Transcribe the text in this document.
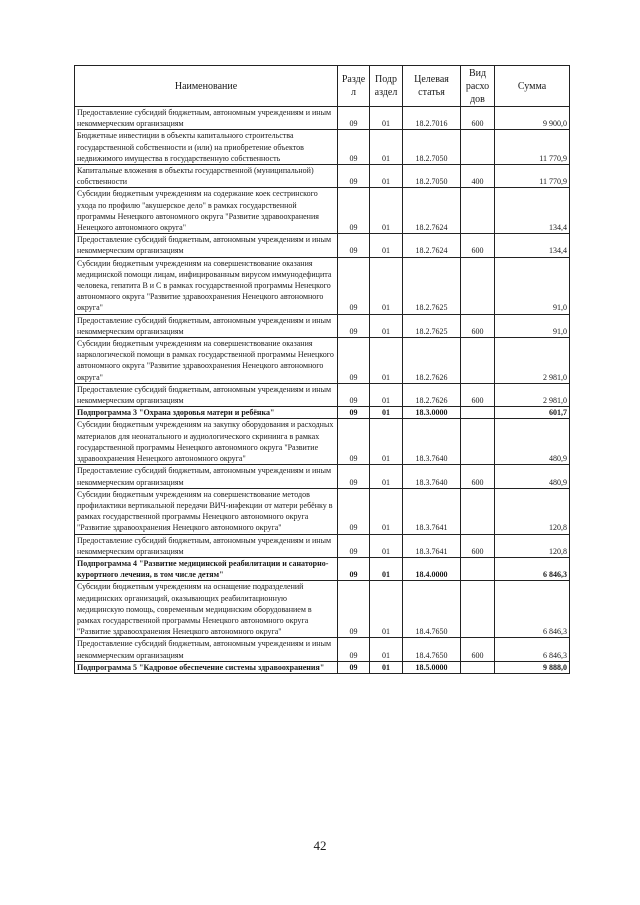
Наименование	Разде л	Подр аздел	Целевая статья	Вид расхо дов	Сумма
Предоставление субсидий бюджетным, автономным учреждениям и иным некоммерческим организациям	09	01	18.2.7016	600	9 900,0
Бюджетные инвестиции в объекты капитального строительства государственной собственности и (или) на приобретение объектов недвижимого имущества в государственную собственность	09	01	18.2.7050		11 770,9
Капитальные вложения в объекты государственной (муниципальной) собственности	09	01	18.2.7050	400	11 770,9
Субсидии бюджетным учреждениям на содержание коек сестринского ухода по профилю "акушерское дело" в рамках государственной программы Ненецкого автономного округа "Развитие здравоохранения Ненецкого автономного округа"	09	01	18.2.7624		134,4
Предоставление субсидий бюджетным, автономным учреждениям и иным некоммерческим организациям	09	01	18.2.7624	600	134,4
Субсидии бюджетным учреждениям на совершенствование оказания медицинской помощи лицам, инфицированным вирусом иммунодефицита человека, гепатита B и C в рамках государственной программы Ненецкого автономного округа "Развитие здравоохранения Ненецкого автономного округа"	09	01	18.2.7625		91,0
Предоставление субсидий бюджетным, автономным учреждениям и иным некоммерческим организациям	09	01	18.2.7625	600	91,0
Субсидии бюджетным учреждениям на совершенствование оказания наркологической помощи в рамках государственной программы Ненецкого автономного округа "Развитие здравоохранения Ненецкого автономного округа"	09	01	18.2.7626		2 981,0
Предоставление субсидий бюджетным, автономным учреждениям и иным некоммерческим организациям	09	01	18.2.7626	600	2 981,0
Подпрограмма 3 "Охрана здоровья матери и ребёнка"	09	01	18.3.0000		601,7
Субсидии бюджетным учреждениям на закупку оборудования и расходных материалов для неонатального и аудиологического скрининга в рамках государственной программы Ненецкого автономного округа "Развитие здравоохранения Ненецкого автономного округа"	09	01	18.3.7640		480,9
Предоставление субсидий бюджетным, автономным учреждениям и иным некоммерческим организациям	09	01	18.3.7640	600	480,9
Субсидии бюджетным учреждениям на совершенствование методов профилактики вертикальной передачи ВИЧ-инфекции от матери ребёнку в рамках государственной программы Ненецкого автономного округа "Развитие здравоохранения Ненецкого автономного округа"	09	01	18.3.7641		120,8
Предоставление субсидий бюджетным, автономным учреждениям и иным некоммерческим организациям	09	01	18.3.7641	600	120,8
Подпрограмма 4 "Развитие медицинской реабилитации и санаторно-курортного лечения, в том числе детям"	09	01	18.4.0000		6 846,3
Субсидии бюджетным учреждениям на оснащение подразделений медицинских организаций, оказывающих реабилитационную медицинскую помощь, современным медицинским оборудованием в рамках государственной программы Ненецкого автономного округа "Развитие здравоохранения Ненецкого автономного округа"	09	01	18.4.7650		6 846,3
Предоставление субсидий бюджетным, автономным учреждениям и иным некоммерческим организациям	09	01	18.4.7650	600	6 846,3
Подпрограмма 5 "Кадровое обеспечение системы здравоохранения"	09	01	18.5.0000		9 888,0
42
